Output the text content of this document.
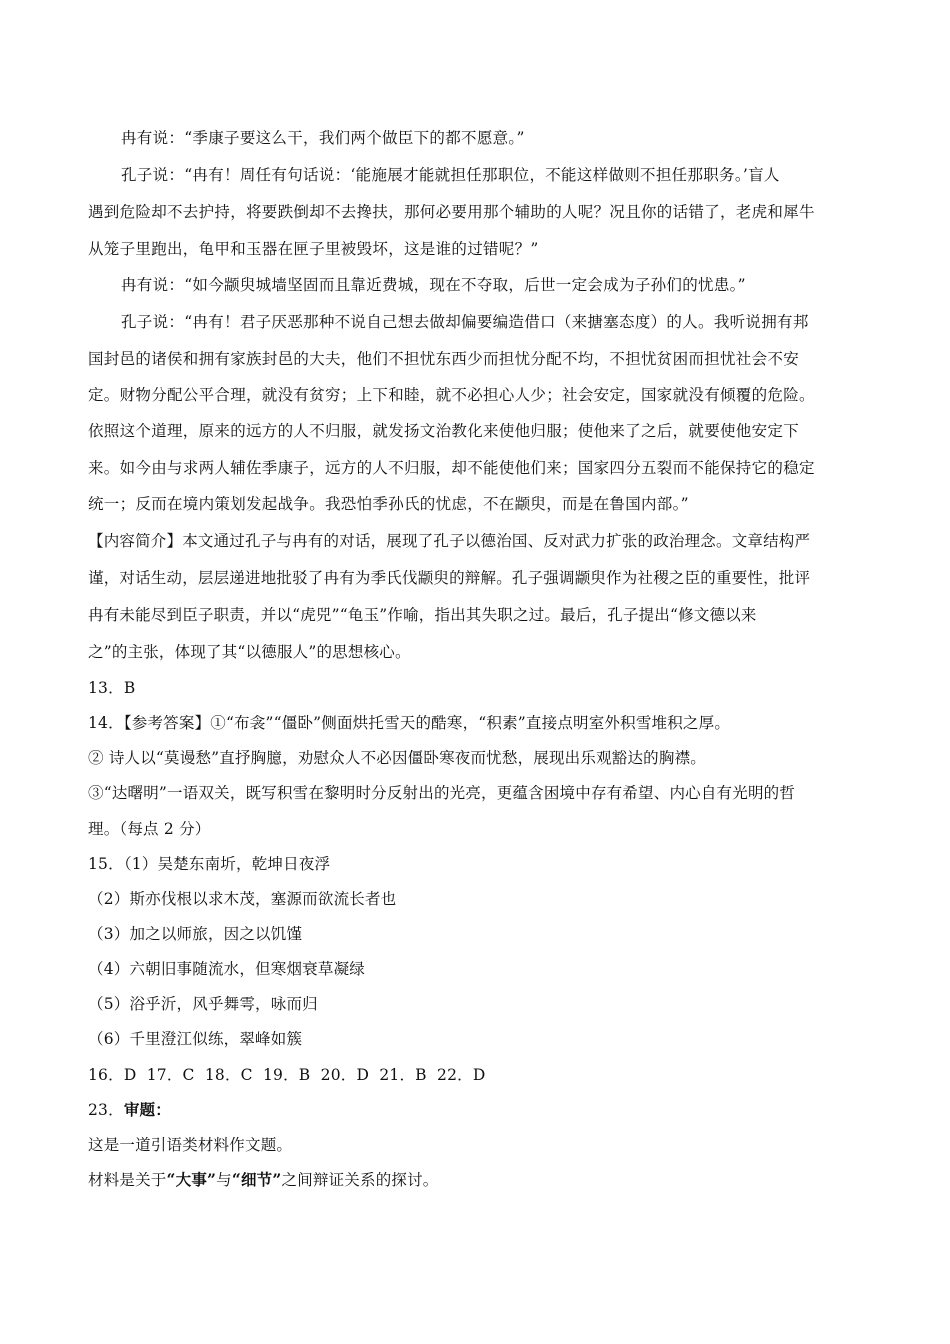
冉有说：“季康子要这么干，我们两个做臣下的都不愿意。”
孔子说：“冉有！周任有句话说：‘能施展才能就担任那职位，不能这样做则不担任那职务。’盲人
遇到危险却不去护持，将要跌倒却不去搀扶，那何必要用那个辅助的人呢？况且你的话错了，老虎和犀牛
从笼子里跑出，龟甲和玉器在匣子里被毁坏，这是谁的过错呢？”
冉有说：“如今颛臾城墙坚固而且靠近费城，现在不夺取，后世一定会成为子孙们的忧患。”
孔子说：“冉有！君子厌恶那种不说自己想去做却偏要编造借口（来搪塞态度）的人。我听说拥有邦
国封邑的诸侯和拥有家族封邑的大夫，他们不担忧东西少而担忧分配不均，不担忧贫困而担忧社会不安
定。财物分配公平合理，就没有贫穷；上下和睦，就不必担心人少；社会安定，国家就没有倾覆的危险。
依照这个道理，原来的远方的人不归服，就发扬文治教化来使他归服；使他来了之后，就要使他安定下
来。如今由与求两人辅佐季康子，远方的人不归服，却不能使他们来；国家四分五裂而不能保持它的稳定
统一；反而在境内策划发起战争。我恐怕季孙氏的忧虑，不在颛臾，而是在鲁国内部。”
【内容简介】本文通过孔子与冉有的对话，展现了孔子以德治国、反对武力扩张的政治理念。文章结构严
谨，对话生动，层层递进地批驳了冉有为季氏伐颛臾的辩解。孔子强调颛臾作为社稷之臣的重要性，批评
冉有未能尽到臣子职责，并以“虎兕”“龟玉”作喻，指出其失职之过。最后，孔子提出“修文德以来
之”的主张，体现了其“以德服人”的思想核心。
13．B
14．【参考答案】①“布衾”“僵卧”侧面烘托雪天的酷寒，“积素”直接点明室外积雪堆积之厚。
② 诗人以“莫谩愁”直抒胸臆，劝慰众人不必因僵卧寒夜而忧愁，展现出乐观豁达的胸襟。
③“达曙明”一语双关，既写积雪在黎明时分反射出的光亮，更蕴含困境中存有希望、内心自有光明的哲
理。（每点 2 分）
15．（1）吴楚东南圻，乾坤日夜浮
（2）斯亦伐根以求木茂，塞源而欲流长者也
（3）加之以师旅，因之以饥馑
（4）六朝旧事随流水，但寒烟衰草凝绿
（5）浴乎沂，风乎舞雩，咏而归
（6）千里澄江似练，翠峰如簇
16．D  17．C  18．C  19．B  20．D  21．B  22．D
23．审题：
这是一道引语类材料作文题。
材料是关于“大事”与“细节”之间辩证关系的探讨。
